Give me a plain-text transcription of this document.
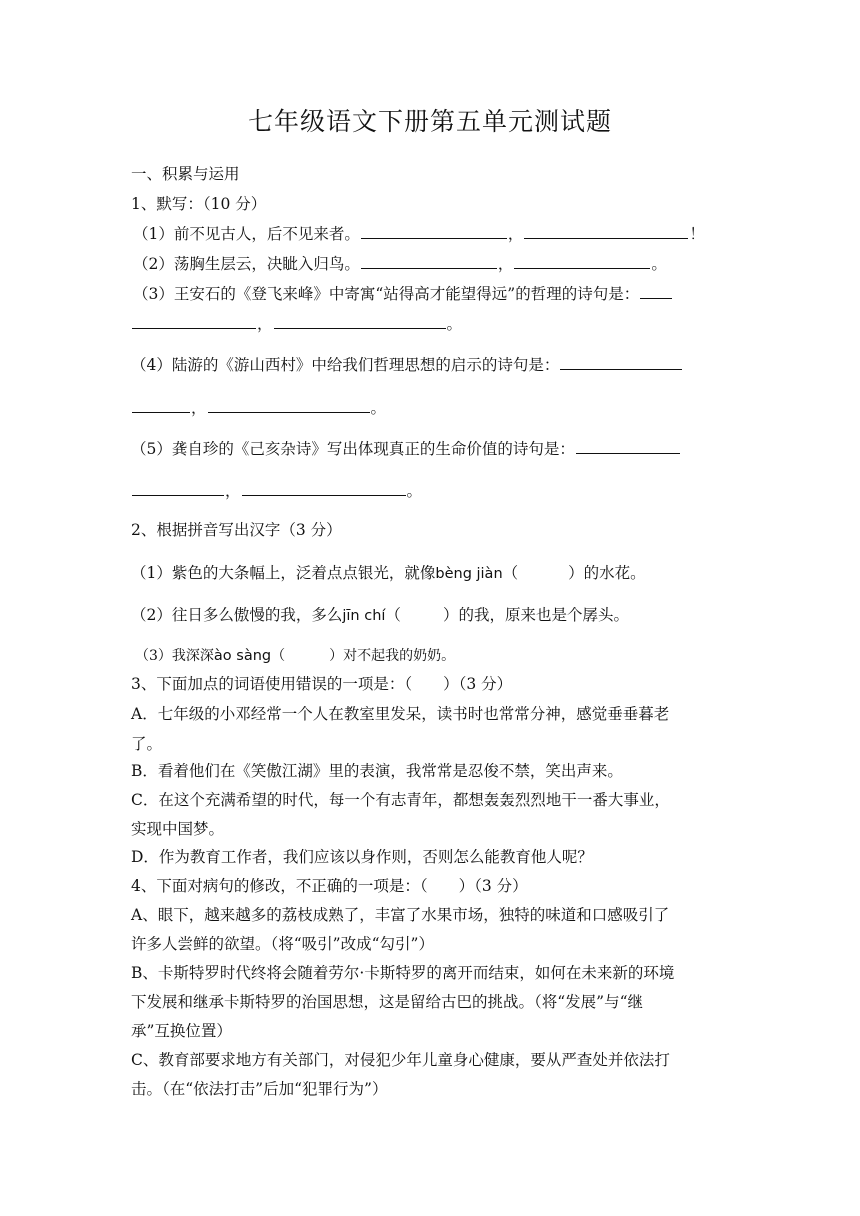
七年级语文下册第五单元测试题

一、积累与运用

1、默写：（10 分）

（1）前不见古人，后不见来者。	，	！

（2）荡胸生层云，决眦入归鸟。	，	。

（3）王安石的《登飞来峰》中寄寓“站得高才能望得远”的哲理的诗句是：

，	。

（4）陆游的《游山西村》中给我们哲理思想的启示的诗句是：

，	。

（5）龚自珍的《己亥杂诗》写出体现真正的生命价值的诗句是：

，	。

2、根据拼音写出汉字（3 分）

（1）紫色的大条幅上，泛着点点银光，就像bèng jiàn（	）的水花。

（2）往日多么傲慢的我，多么jīn chí（	）的我，原来也是个孱头。

（3）我深深ào sàng（	）对不起我的奶奶。

3、下面加点的词语使用错误的一项是：（　　）（3 分）

A．七年级的小邓经常一个人在教室里发呆，读书时也常常分神，感觉垂垂暮老

了。

B．看着他们在《笑傲江湖》里的表演，我常常是忍俊不禁，笑出声来。

C．在这个充满希望的时代，每一个有志青年，都想轰轰烈烈地干一番大事业，

实现中国梦。

D．作为教育工作者，我们应该以身作则，否则怎么能教育他人呢？

4、下面对病句的修改，不正确的一项是：（　　）（3 分）

A、眼下，越来越多的荔枝成熟了，丰富了水果市场，独特的味道和口感吸引了

许多人尝鲜的欲望。（将“吸引”改成“勾引”）

B、卡斯特罗时代终将会随着劳尔·卡斯特罗的离开而结束，如何在未来新的环境

下发展和继承卡斯特罗的治国思想，这是留给古巴的挑战。（将“发展”与“继

承”互换位置）

C、教育部要求地方有关部门，对侵犯少年儿童身心健康，要从严查处并依法打

击。（在“依法打击”后加“犯罪行为”）
